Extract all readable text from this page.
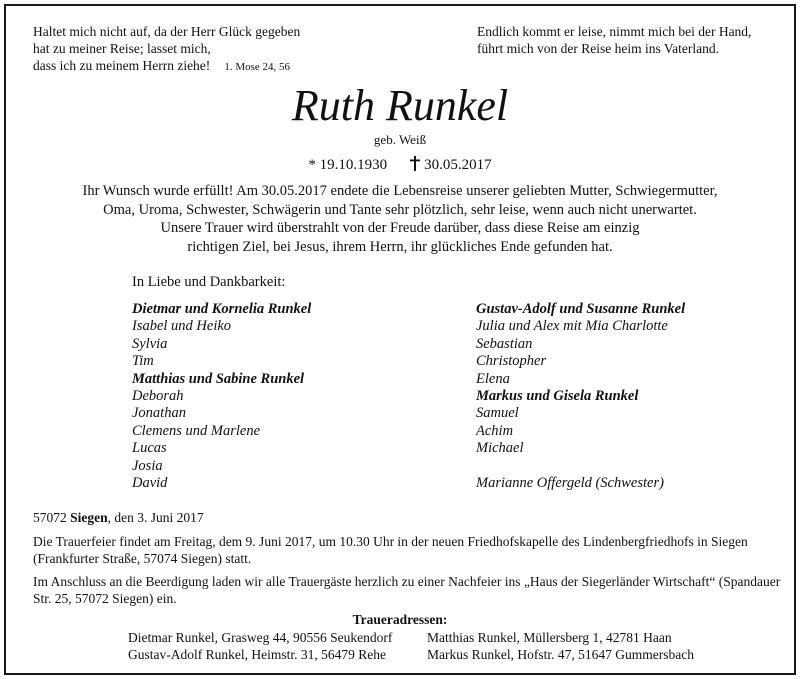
Haltet mich nicht auf, da der Herr Glück gegeben
hat zu meiner Reise; lasset mich,
dass ich zu meinem Herrn ziehe! 1. Mose 24, 56
Endlich kommt er leise, nimmt mich bei der Hand,
führt mich von der Reise heim ins Vaterland.
Ruth Runkel
geb. Weiß
* 19.10.1930 30.05.2017
Ihr Wunsch wurde erfüllt! Am 30.05.2017 endete die Lebensreise unserer geliebten Mutter, Schwiegermutter,
Oma, Uroma, Schwester, Schwägerin und Tante sehr plötzlich, sehr leise, wenn auch nicht unerwartet.
Unsere Trauer wird überstrahlt von der Freude darüber, dass diese Reise am einzig
richtigen Ziel, bei Jesus, ihrem Herrn, ihr glückliches Ende gefunden hat.
In Liebe und Dankbarkeit:
Dietmar und Kornelia Runkel
Isabel und Heiko
Sylvia
Tim
Matthias und Sabine Runkel
Deborah
Jonathan
Clemens und Marlene
Lucas
Josia
David
Gustav-Adolf und Susanne Runkel
Julia und Alex mit Mia Charlotte
Sebastian
Christopher
Elena
Markus und Gisela Runkel
Samuel
Achim
Michael

Marianne Offergeld (Schwester)
57072 Siegen, den 3. Juni 2017
Die Trauerfeier findet am Freitag, dem 9. Juni 2017, um 10.30 Uhr in der neuen Friedhofskapelle des Lindenbergfriedhofs in Siegen (Frankfurter Straße, 57074 Siegen) statt.
Im Anschluss an die Beerdigung laden wir alle Trauergäste herzlich zu einer Nachfeier ins „Haus der Siegerländer Wirtschaft“ (Spandauer Str. 25, 57072 Siegen) ein.
Traueradressen:
Dietmar Runkel, Grasweg 44, 90556 Seukendorf	Matthias Runkel, Müllersberg 1, 42781 Haan
Gustav-Adolf Runkel, Heimstr. 31, 56479 Rehe	Markus Runkel, Hofstr. 47, 51647 Gummersbach
